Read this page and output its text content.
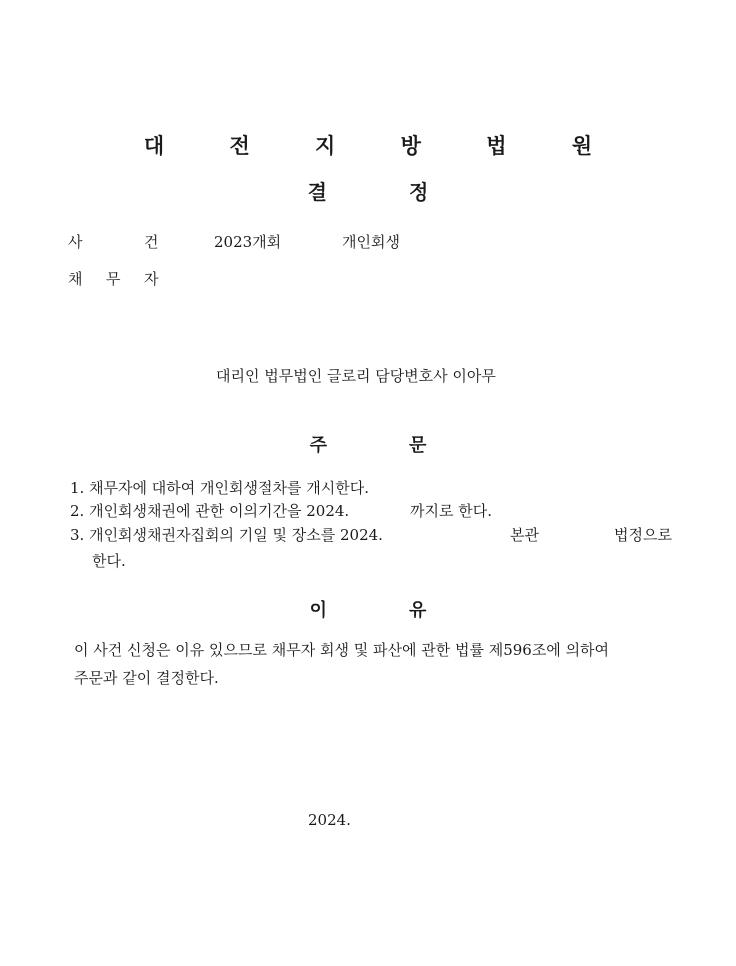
대 전 지 방 법 원
결	정
사	건	2023개회	개인회생
채 무 자
대리인 법무법인 글로리 담당변호사 이아무
주	문
1. 채무자에 대하여 개인회생절차를 개시한다.
2. 개인회생채권에 관한 이의기간을 2024.	까지로 한다.
3. 개인회생채권자집회의 기일 및 장소를 2024.	본관	법정으로
한다.
이	유
이 사건 신청은 이유 있으므로 채무자 회생 및 파산에 관한 법률 제596조에 의하여
주문과 같이 결정한다.
2024.
